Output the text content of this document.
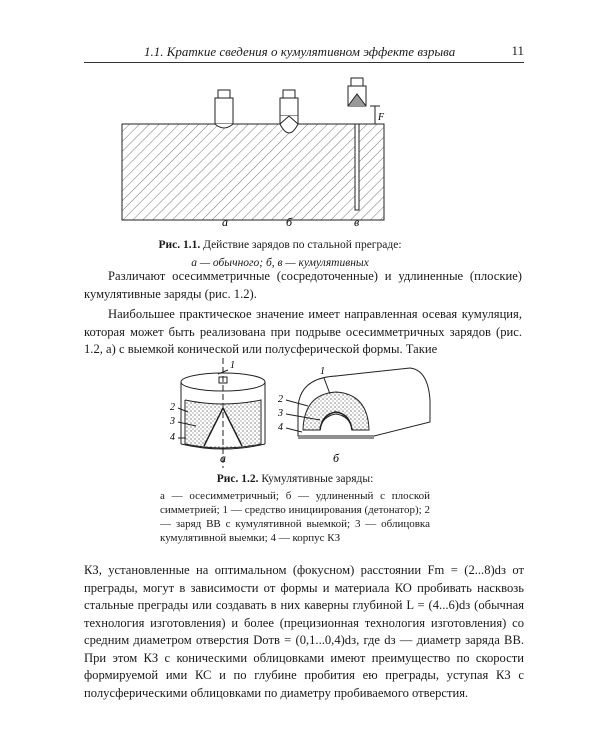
1.1. Краткие сведения о кумулятивном эффекте взрыва	11
F
а	б	в
Рис. 1.1. Действие зарядов по стальной преграде:
а — обычного; б, в — кумулятивных
Различают осесимметричные (сосредоточенные) и удлиненные (плоские) кумулятивные заряды (рис. 1.2).
Наибольшее практическое значение имеет направленная осевая кумуляция, которая может быть реализована при подрыве осесимметричных зарядов (рис. 1.2, а) с выемкой конической или полусферической формы. Такие
1
2
3
4
1
2
3
4
а	б
Рис. 1.2. Кумулятивные заряды:
а — осесимметричный; б — удлиненный с плоской симметрией; 1 — средство инициирования (детонатор); 2 — заряд ВВ с кумулятивной выемкой; 3 — облицовка кумулятивной выемки; 4 — корпус КЗ
КЗ, установленные на оптимальном (фокусном) расстоянии Fm = (2...8)dз от преграды, могут в зависимости от формы и материала КО пробивать насквозь стальные преграды или создавать в них каверны глубиной L = (4...6)dз (обычная технология изготовления) и более (прецизионная технология изготовления) со средним диаметром отверстия Dотв = (0,1...0,4)dз, где dз — диаметр заряда ВВ. При этом КЗ с коническими облицовками имеют преимущество по скорости формируемой ими КС и по глубине пробития ею преграды, уступая КЗ с полусферическими облицовками по диаметру пробиваемого отверстия.
